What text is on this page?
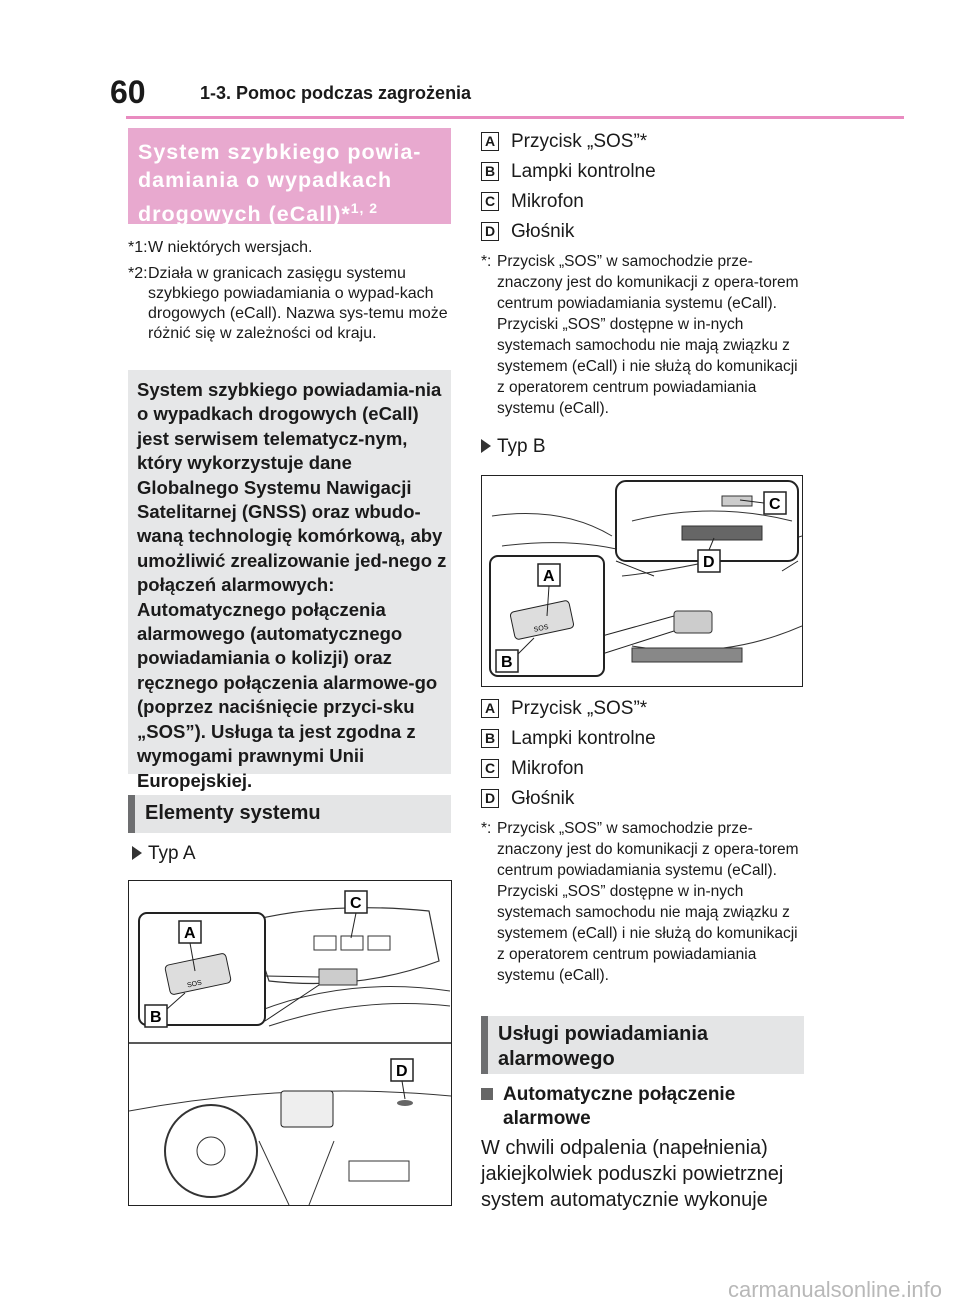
60	1-3. Pomoc podczas zagrożenia
System szybkiego powia-damiania o wypadkach drogowych (eCall)*$^{1, 2}$
*1: W niektórych wersjach.
*2: Działa w granicach zasięgu systemu szybkiego powiadamiania o wypad-kach drogowych (eCall). Nazwa sys-temu może różnić się w zależności od kraju.
System szybkiego powiadamia-nia o wypadkach drogowych (eCall) jest serwisem telematycz-nym, który wykorzystuje dane Globalnego Systemu Nawigacji Satelitarnej (GNSS) oraz wbudo-waną technologię komórkową, aby umożliwić zrealizowanie jed-nego z połączeń alarmowych: Automatycznego połączenia alarmowego (automatycznego powiadamiania o kolizji) oraz ręcznego połączenia alarmowe-go (poprzez naciśnięcie przyci-sku „SOS”). Usługa ta jest zgodna z wymogami prawnymi Unii Europejskiej.
Elementy systemu
Typ A
SOS
A
B
C
D
A Przycisk „SOS”*
B Lampki kontrolne
C Mikrofon
D Głośnik
*: Przycisk „SOS” w samochodzie prze-znaczony jest do komunikacji z opera-torem centrum powiadamiania systemu (eCall). Przyciski „SOS” dostępne w in-nych systemach samochodu nie mają związku z systemem (eCall) i nie służą do komunikacji z operatorem centrum powiadamiania systemu (eCall).
Typ B
SOS
A
B
C
D
A Przycisk „SOS”*
B Lampki kontrolne
C Mikrofon
D Głośnik
*: Przycisk „SOS” w samochodzie prze-znaczony jest do komunikacji z opera-torem centrum powiadamiania systemu (eCall). Przyciski „SOS” dostępne w in-nych systemach samochodu nie mają związku z systemem (eCall) i nie służą do komunikacji z operatorem centrum powiadamiania systemu (eCall).
Usługi powiadamiania alarmowego
Automatyczne połączenie alarmowe
W chwili odpalenia (napełnienia) jakiejkolwiek poduszki powietrznej system automatycznie wykonuje
carmanualsonline.info
